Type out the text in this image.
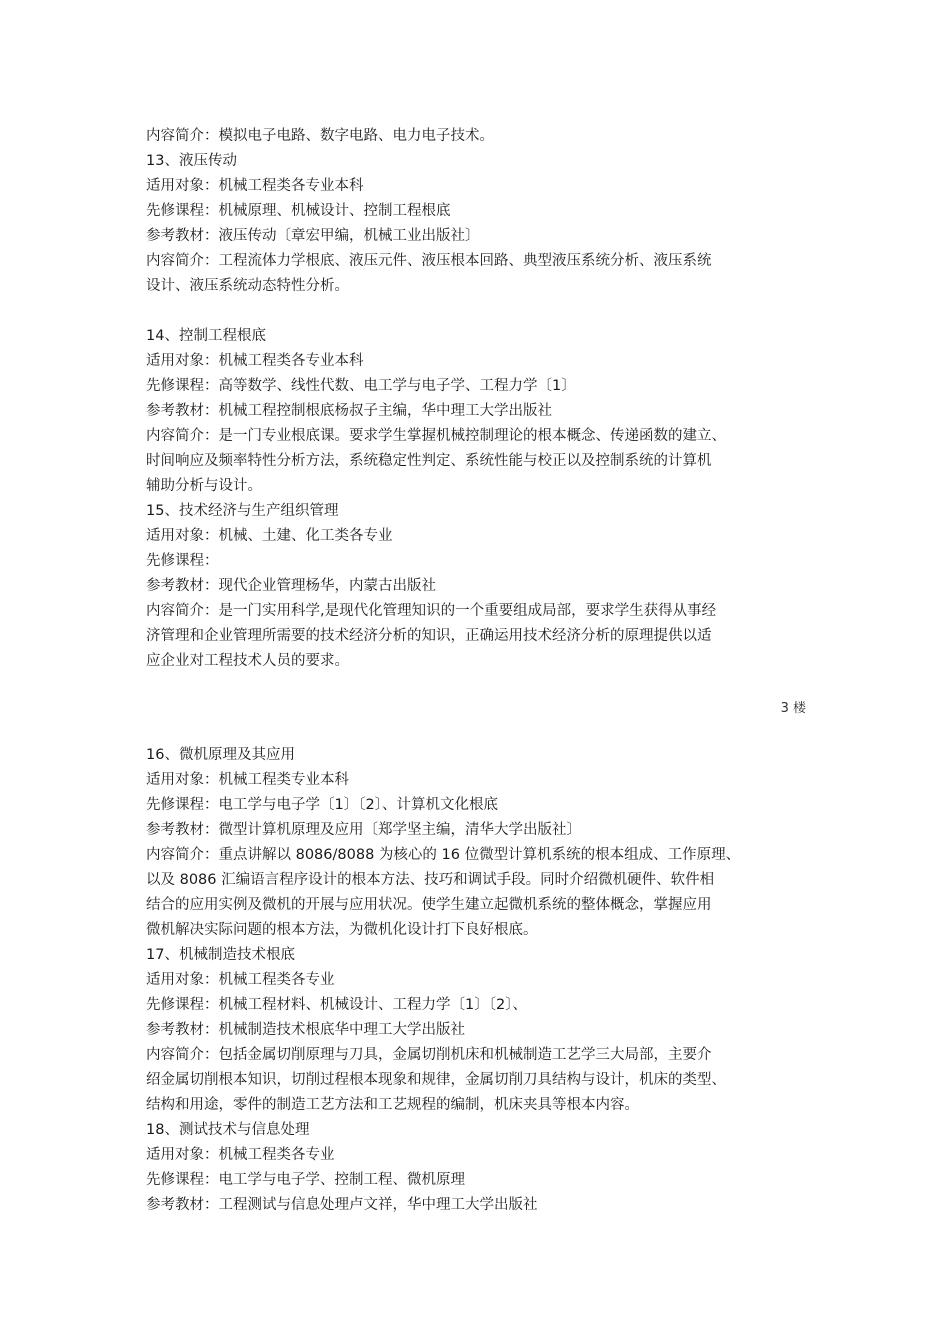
内容简介：模拟电子电路、数字电路、电力电子技术。
13、液压传动
适用对象：机械工程类各专业本科
先修课程：机械原理、机械设计、控制工程根底
参考教材：液压传动〔章宏甲编，机械工业出版社〕
内容简介：工程流体力学根底、液压元件、液压根本回路、典型液压系统分析、液压系统
设计、液压系统动态特性分析。
14、控制工程根底
适用对象：机械工程类各专业本科
先修课程：高等数学、线性代数、电工学与电子学、工程力学〔1〕
参考教材：机械工程控制根底杨叔子主编，华中理工大学出版社
内容简介：是一门专业根底课。要求学生掌握机械控制理论的根本概念、传递函数的建立、
时间响应及频率特性分析方法，系统稳定性判定、系统性能与校正以及控制系统的计算机
辅助分析与设计。
15、技术经济与生产组织管理
适用对象：机械、土建、化工类各专业
先修课程：
参考教材：现代企业管理杨华，内蒙古出版社
内容简介：是一门实用科学,是现代化管理知识的一个重要组成局部，要求学生获得从事经
济管理和企业管理所需要的技术经济分析的知识，正确运用技术经济分析的原理提供以适
应企业对工程技术人员的要求。
3 楼
16、微机原理及其应用
适用对象：机械工程类专业本科
先修课程：电工学与电子学〔1〕〔2〕、计算机文化根底
参考教材：微型计算机原理及应用〔郑学坚主编，清华大学出版社〕
内容简介：重点讲解以 8086/8088 为核心的 16 位微型计算机系统的根本组成、工作原理、
以及 8086 汇编语言程序设计的根本方法、技巧和调试手段。同时介绍微机硬件、软件相
结合的应用实例及微机的开展与应用状况。使学生建立起微机系统的整体概念，掌握应用
微机解决实际问题的根本方法，为微机化设计打下良好根底。
17、机械制造技术根底
适用对象：机械工程类各专业
先修课程：机械工程材料、机械设计、工程力学〔1〕〔2〕、
参考教材：机械制造技术根底华中理工大学出版社
内容简介：包括金属切削原理与刀具，金属切削机床和机械制造工艺学三大局部，主要介
绍金属切削根本知识，切削过程根本现象和规律，金属切削刀具结构与设计，机床的类型、
结构和用途，零件的制造工艺方法和工艺规程的编制，机床夹具等根本内容。
18、测试技术与信息处理
适用对象：机械工程类各专业
先修课程：电工学与电子学、控制工程、微机原理
参考教材：工程测试与信息处理卢文祥，华中理工大学出版社
